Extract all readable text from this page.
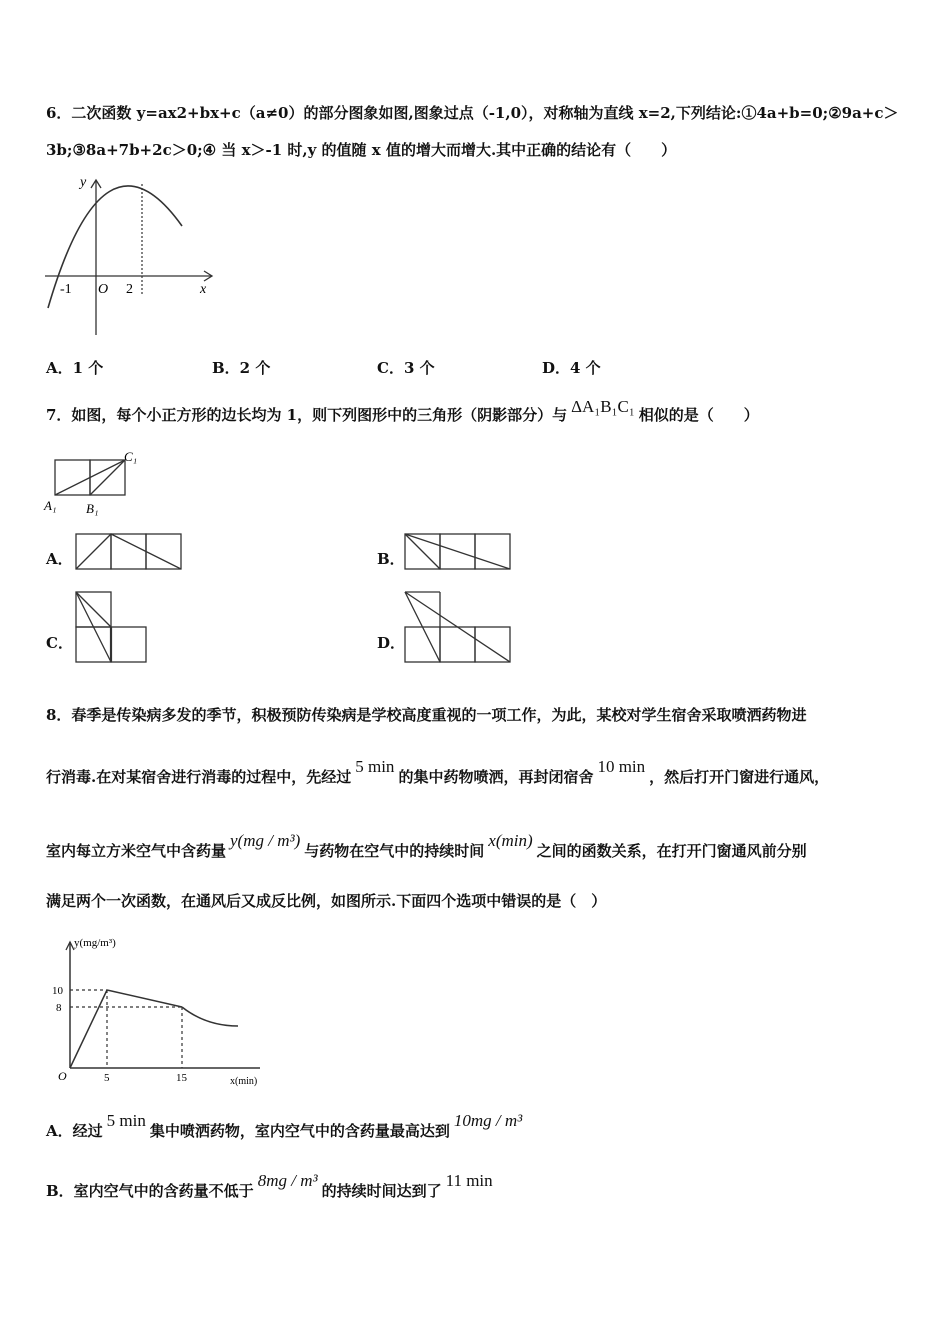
6．二次函数 y=ax2+bx+c（a≠0）的部分图象如图,图象过点（-1,0），对称轴为直线 x=2,下列结论:①4a+b=0;②9a+c＞
3b;③8a+7b+2c＞0;④ 当 x＞-1 时,y 的值随 x 值的增大而增大.其中正确的结论有（　　）
y
x
O
-1	2
A．1 个	B．2 个	C．3 个	D．4 个
7．如图，每个小正方形的边长均为 1，则下列图形中的三角形（阴影部分）与 ΔA₁B₁C₁ 相似的是（　　）
A₁ B₁
C₁
A．	B．
C．	D．
8．春季是传染病多发的季节，积极预防传染病是学校高度重视的一项工作，为此，某校对学生宿舍采取喷洒药物进
行消毒.在对某宿舍进行消毒的过程中，先经过5 min的集中药物喷洒，再封闭宿舍10 min，然后打开门窗进行通风，
室内每立方米空气中含药量y(mg / m³)与药物在空气中的持续时间x(min)之间的函数关系，在打开门窗通风前分别
满足两个一次函数，在通风后又成反比例，如图所示.下面四个选项中错误的是（　）
y(mg/m³)
10
8
O	5	15	x(min)
A．经过5 min集中喷洒药物，室内空气中的含药量最高达到10mg / m³
B．室内空气中的含药量不低于8mg / m³的持续时间达到了11 min
